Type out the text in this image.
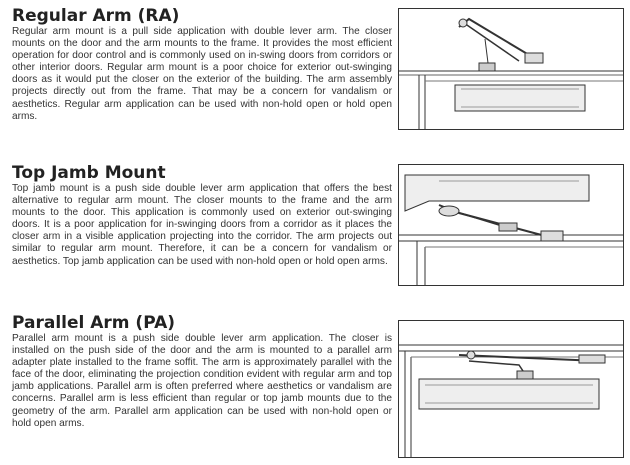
Regular Arm (RA)

Regular arm mount is a pull side application with double lever arm. The closer mounts on the door and the arm mounts to the frame. It provides the most efficient operation for door control and is commonly used on in-swing doors from corridors or other interior doors. Regular arm mount is a poor choice for exterior out-swinging doors as it would put the closer on the exterior of the building. The arm assembly projects directly out from the frame. That may be a concern for vandalism or aesthetics. Regular arm application can be used with non-hold open or hold open arms.

Top Jamb Mount

Top jamb mount is a push side double lever arm application that offers the best alternative to regular arm mount. The closer mounts to the frame and the arm mounts to the door. This application is commonly used on exterior out-swinging doors. It is a poor application for in-swinging doors from a corridor as it places the closer arm in a visible application projecting into the corridor. The arm projects out similar to regular arm mount. Therefore, it can be a concern for vandalism or aesthetics. Top jamb application can be used with non-hold open or hold open arms.

Parallel Arm (PA)

Parallel arm mount is a push side double lever arm application. The closer is installed on the push side of the door and the arm is mounted to a parallel arm adapter plate installed to the frame soffit. The arm is approximately parallel with the face of the door, eliminating the projection condition evident with regular arm and top jamb applications. Parallel arm is often preferred where aesthetics or vandalism are concerns. Parallel arm is less efficient than regular or top jamb mounts due to the geometry of the arm. Parallel arm application can be used with non-hold open or hold open arms.
